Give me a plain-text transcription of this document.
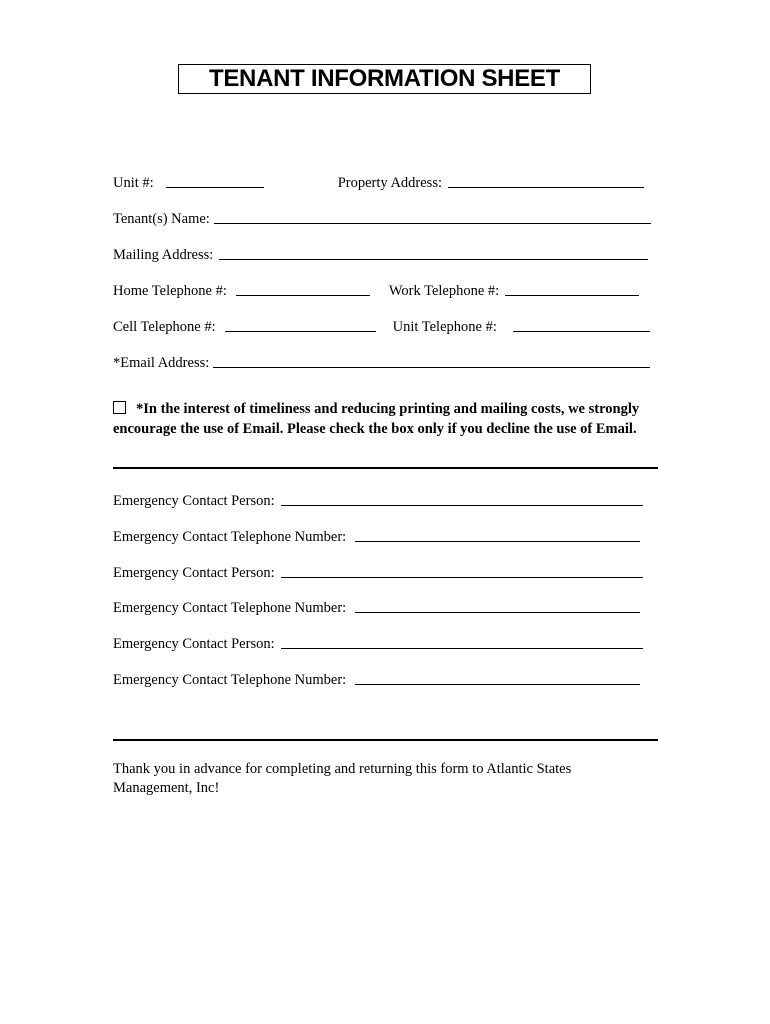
TENANT INFORMATION SHEET
Unit #:	Property Address:
Tenant(s) Name:
Mailing Address:
Home Telephone #:	Work Telephone #:
Cell Telephone #:	Unit Telephone #:
*Email Address:
*In the interest of timeliness and reducing printing and mailing costs, we strongly encourage the use of Email. Please check the box only if you decline the use of Email.
Emergency Contact Person:
Emergency Contact Telephone Number:
Emergency Contact Person:
Emergency Contact Telephone Number:
Emergency Contact Person:
Emergency Contact Telephone Number:
Thank you in advance for completing and returning this form to Atlantic States Management, Inc!
